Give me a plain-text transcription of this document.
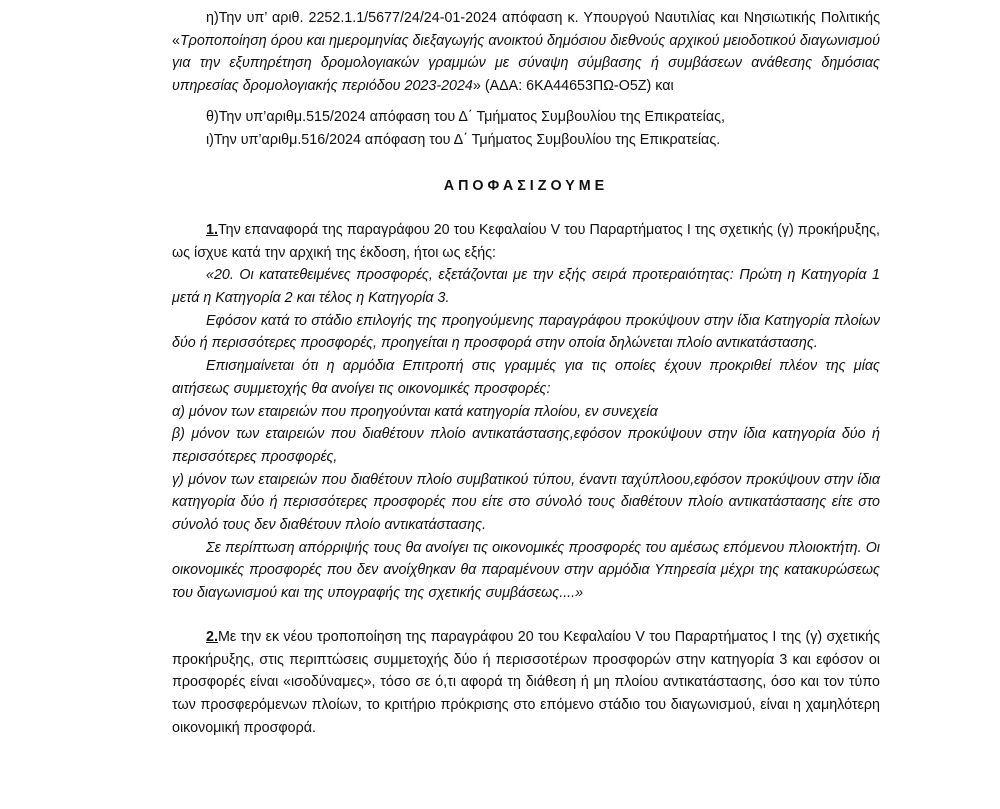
η)Την υπ’ αριθ. 2252.1.1/5677/24/24-01-2024 απόφαση κ. Υπουργού Ναυτιλίας και Νησιωτικής Πολιτικής «Τροποποίηση όρου και ημερομηνίας διεξαγωγής ανοικτού δημόσιου διεθνούς αρχικού μειοδοτικού διαγωνισμού για την εξυπηρέτηση δρομολογιακών γραμμών με σύναψη σύμβασης ή συμβάσεων ανάθεσης δημόσιας υπηρεσίας δρομολογιακής περιόδου 2023-2024» (ΑΔΑ: 6ΚΑ44653ΠΩ-Ο5Ζ) και

θ)Την υπ’αριθμ.515/2024 απόφαση του Δ΄ Τμήματος Συμβουλίου της Επικρατείας,

ι)Την υπ’αριθμ.516/2024 απόφαση του Δ΄ Τμήματος Συμβουλίου της Επικρατείας.

ΑΠΟΦΑΣΙΖΟΥΜΕ

1.Την επαναφορά της παραγράφου 20 του Κεφαλαίου V του Παραρτήματος Ι της σχετικής (γ) προκήρυξης, ως ίσχυε κατά την αρχική της έκδοση, ήτοι ως εξής:

«20. Οι κατατεθειμένες προσφορές, εξετάζονται με την εξής σειρά προτεραιότητας: Πρώτη η Κατηγορία 1 μετά η Κατηγορία 2 και τέλος η Κατηγορία 3.

Εφόσον κατά το στάδιο επιλογής της προηγούμενης παραγράφου προκύψουν στην ίδια Κατηγορία πλοίων δύο ή περισσότερες προσφορές, προηγείται η προσφορά στην οποία δηλώνεται πλοίο αντικατάστασης.

Επισημαίνεται ότι η αρμόδια Επιτροπή στις γραμμές για τις οποίες έχουν προκριθεί πλέον της μίας αιτήσεως συμμετοχής θα ανοίγει τις οικονομικές προσφορές:

α) μόνον των εταιρειών που προηγούνται κατά κατηγορία πλοίου, εν συνεχεία

β) μόνον των εταιρειών που διαθέτουν πλοίο αντικατάστασης,εφόσον προκύψουν στην ίδια κατηγορία δύο ή περισσότερες προσφορές,

γ) μόνον των εταιρειών που διαθέτουν πλοίο συμβατικού τύπου, έναντι ταχύπλοου,εφόσον προκύψουν στην ίδια κατηγορία δύο ή περισσότερες προσφορές που είτε στο σύνολό τους διαθέτουν πλοίο αντικατάστασης είτε στο σύνολό τους δεν διαθέτουν πλοίο αντικατάστασης.

Σε περίπτωση απόρριψής τους θα ανοίγει τις οικονομικές προσφορές του αμέσως επόμενου πλοιοκτήτη. Οι οικονομικές προσφορές που δεν ανοίχθηκαν θα παραμένουν στην αρμόδια Υπηρεσία μέχρι της κατακυρώσεως του διαγωνισμού και της υπογραφής της σχετικής συμβάσεως....»

2.Με την εκ νέου τροποποίηση της παραγράφου 20 του Κεφαλαίου V του Παραρτήματος Ι της (γ) σχετικής προκήρυξης, στις περιπτώσεις συμμετοχής δύο ή περισσοτέρων προσφορών στην κατηγορία 3 και εφόσον οι προσφορές είναι «ισοδύναμες», τόσο σε ό,τι αφορά τη διάθεση ή μη πλοίου αντικατάστασης, όσο και τον τύπο των προσφερόμενων πλοίων, το κριτήριο πρόκρισης στο επόμενο στάδιο του διαγωνισμού, είναι η χαμηλότερη οικονομική προσφορά.
